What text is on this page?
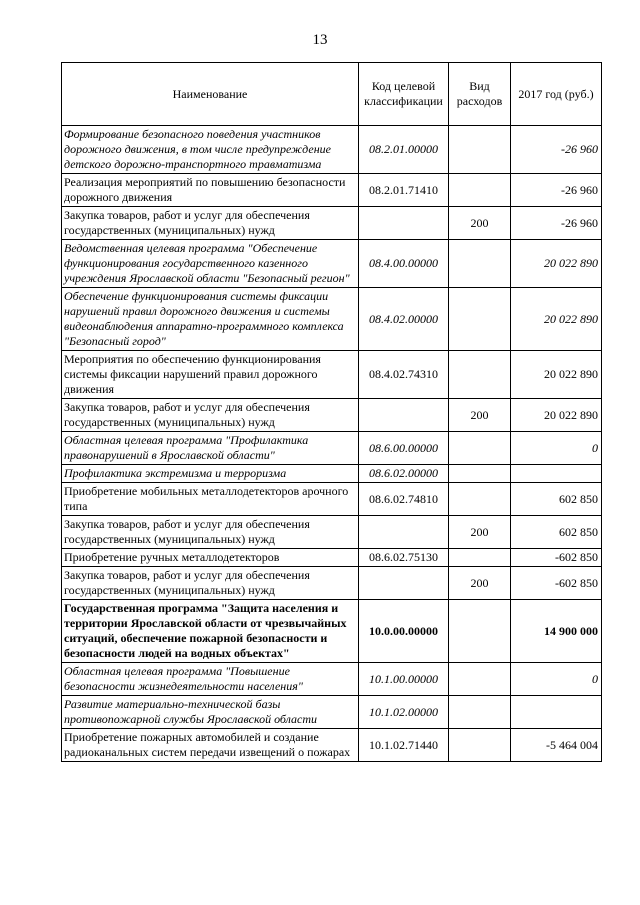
13
Наименование	Код целевой классификации	Вид расходов	2017 год (руб.)
Формирование безопасного поведения участников дорожного движения, в том числе предупреждение детского дорожно-транспортного травматизма	08.2.01.00000		-26 960
Реализация мероприятий по повышению безопасности дорожного движения	08.2.01.71410		-26 960
Закупка товаров, работ и услуг для обеспечения государственных (муниципальных) нужд		200	-26 960
Ведомственная целевая программа "Обеспечение функционирования государственного казенного учреждения Ярославской области "Безопасный регион"	08.4.00.00000		20 022 890
Обеспечение функционирования системы фиксации нарушений правил дорожного движения и системы видеонаблюдения аппаратно-программного комплекса "Безопасный город"	08.4.02.00000		20 022 890
Мероприятия по обеспечению функционирования системы фиксации нарушений правил дорожного движения	08.4.02.74310		20 022 890
Закупка товаров, работ и услуг для обеспечения государственных (муниципальных) нужд		200	20 022 890
Областная целевая программа "Профилактика правонарушений в Ярославской области"	08.6.00.00000		0
Профилактика экстремизма и терроризма	08.6.02.00000		
Приобретение мобильных металлодетекторов арочного типа	08.6.02.74810		602 850
Закупка товаров, работ и услуг для обеспечения государственных (муниципальных) нужд		200	602 850
Приобретение ручных металлодетекторов	08.6.02.75130		-602 850
Закупка товаров, работ и услуг для обеспечения государственных (муниципальных) нужд		200	-602 850
Государственная программа "Защита населения и территории Ярославской области от чрезвычайных ситуаций, обеспечение пожарной безопасности и безопасности людей на водных объектах"	10.0.00.00000		14 900 000
Областная целевая программа "Повышение безопасности жизнедеятельности населения"	10.1.00.00000		0
Развитие материально-технической базы противопожарной службы Ярославской области	10.1.02.00000		
Приобретение пожарных автомобилей и создание радиоканальных систем передачи извещений о пожарах	10.1.02.71440		-5 464 004
